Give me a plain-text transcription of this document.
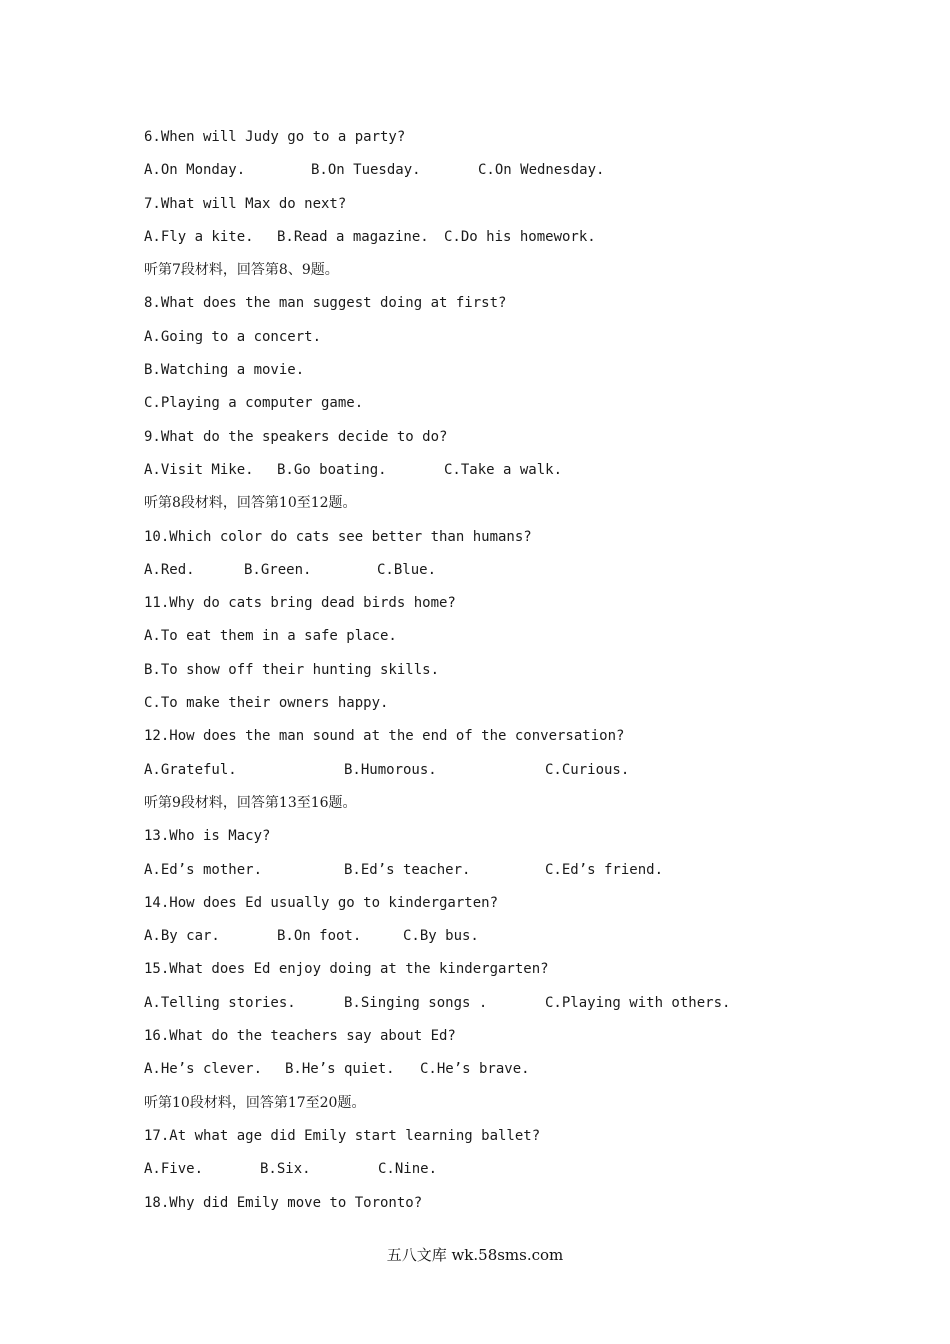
6.When will Judy go to a party?
A.On Monday.	B.On Tuesday.	C.On Wednesday.
7.What will Max do next?
A.Fly a kite.	B.Read a magazine.	C.Do his homework.
听第7段材料，回答第8、9题。
8.What does the man suggest doing at first?
A.Going to a concert.
B.Watching a movie.
C.Playing a computer game.
9.What do the speakers decide to do?
A.Visit Mike.	B.Go boating.	C.Take a walk.
听第8段材料，回答第10至12题。
10.Which color do cats see better than humans?
A.Red.	B.Green.	C.Blue.
11.Why do cats bring dead birds home?
A.To eat them in a safe place.
B.To show off their hunting skills.
C.To make their owners happy.
12.How does the man sound at the end of the conversation?
A.Grateful.	B.Humorous.	C.Curious.
听第9段材料，回答第13至16题。
13.Who is Macy?
A.Ed’s mother.	B.Ed’s teacher.	C.Ed’s friend.
14.How does Ed usually go to kindergarten?
A.By car.	B.On foot.	C.By bus.
15.What does Ed enjoy doing at the kindergarten?
A.Telling stories.	B.Singing songs .	C.Playing with others.
16.What do the teachers say about Ed?
A.He’s clever.	B.He’s quiet.	C.He’s brave.
听第10段材料，回答第17至20题。
17.At what age did Emily start learning ballet?
A.Five.	B.Six.	C.Nine.
18.Why did Emily move to Toronto?
五八文库 wk.58sms.com
